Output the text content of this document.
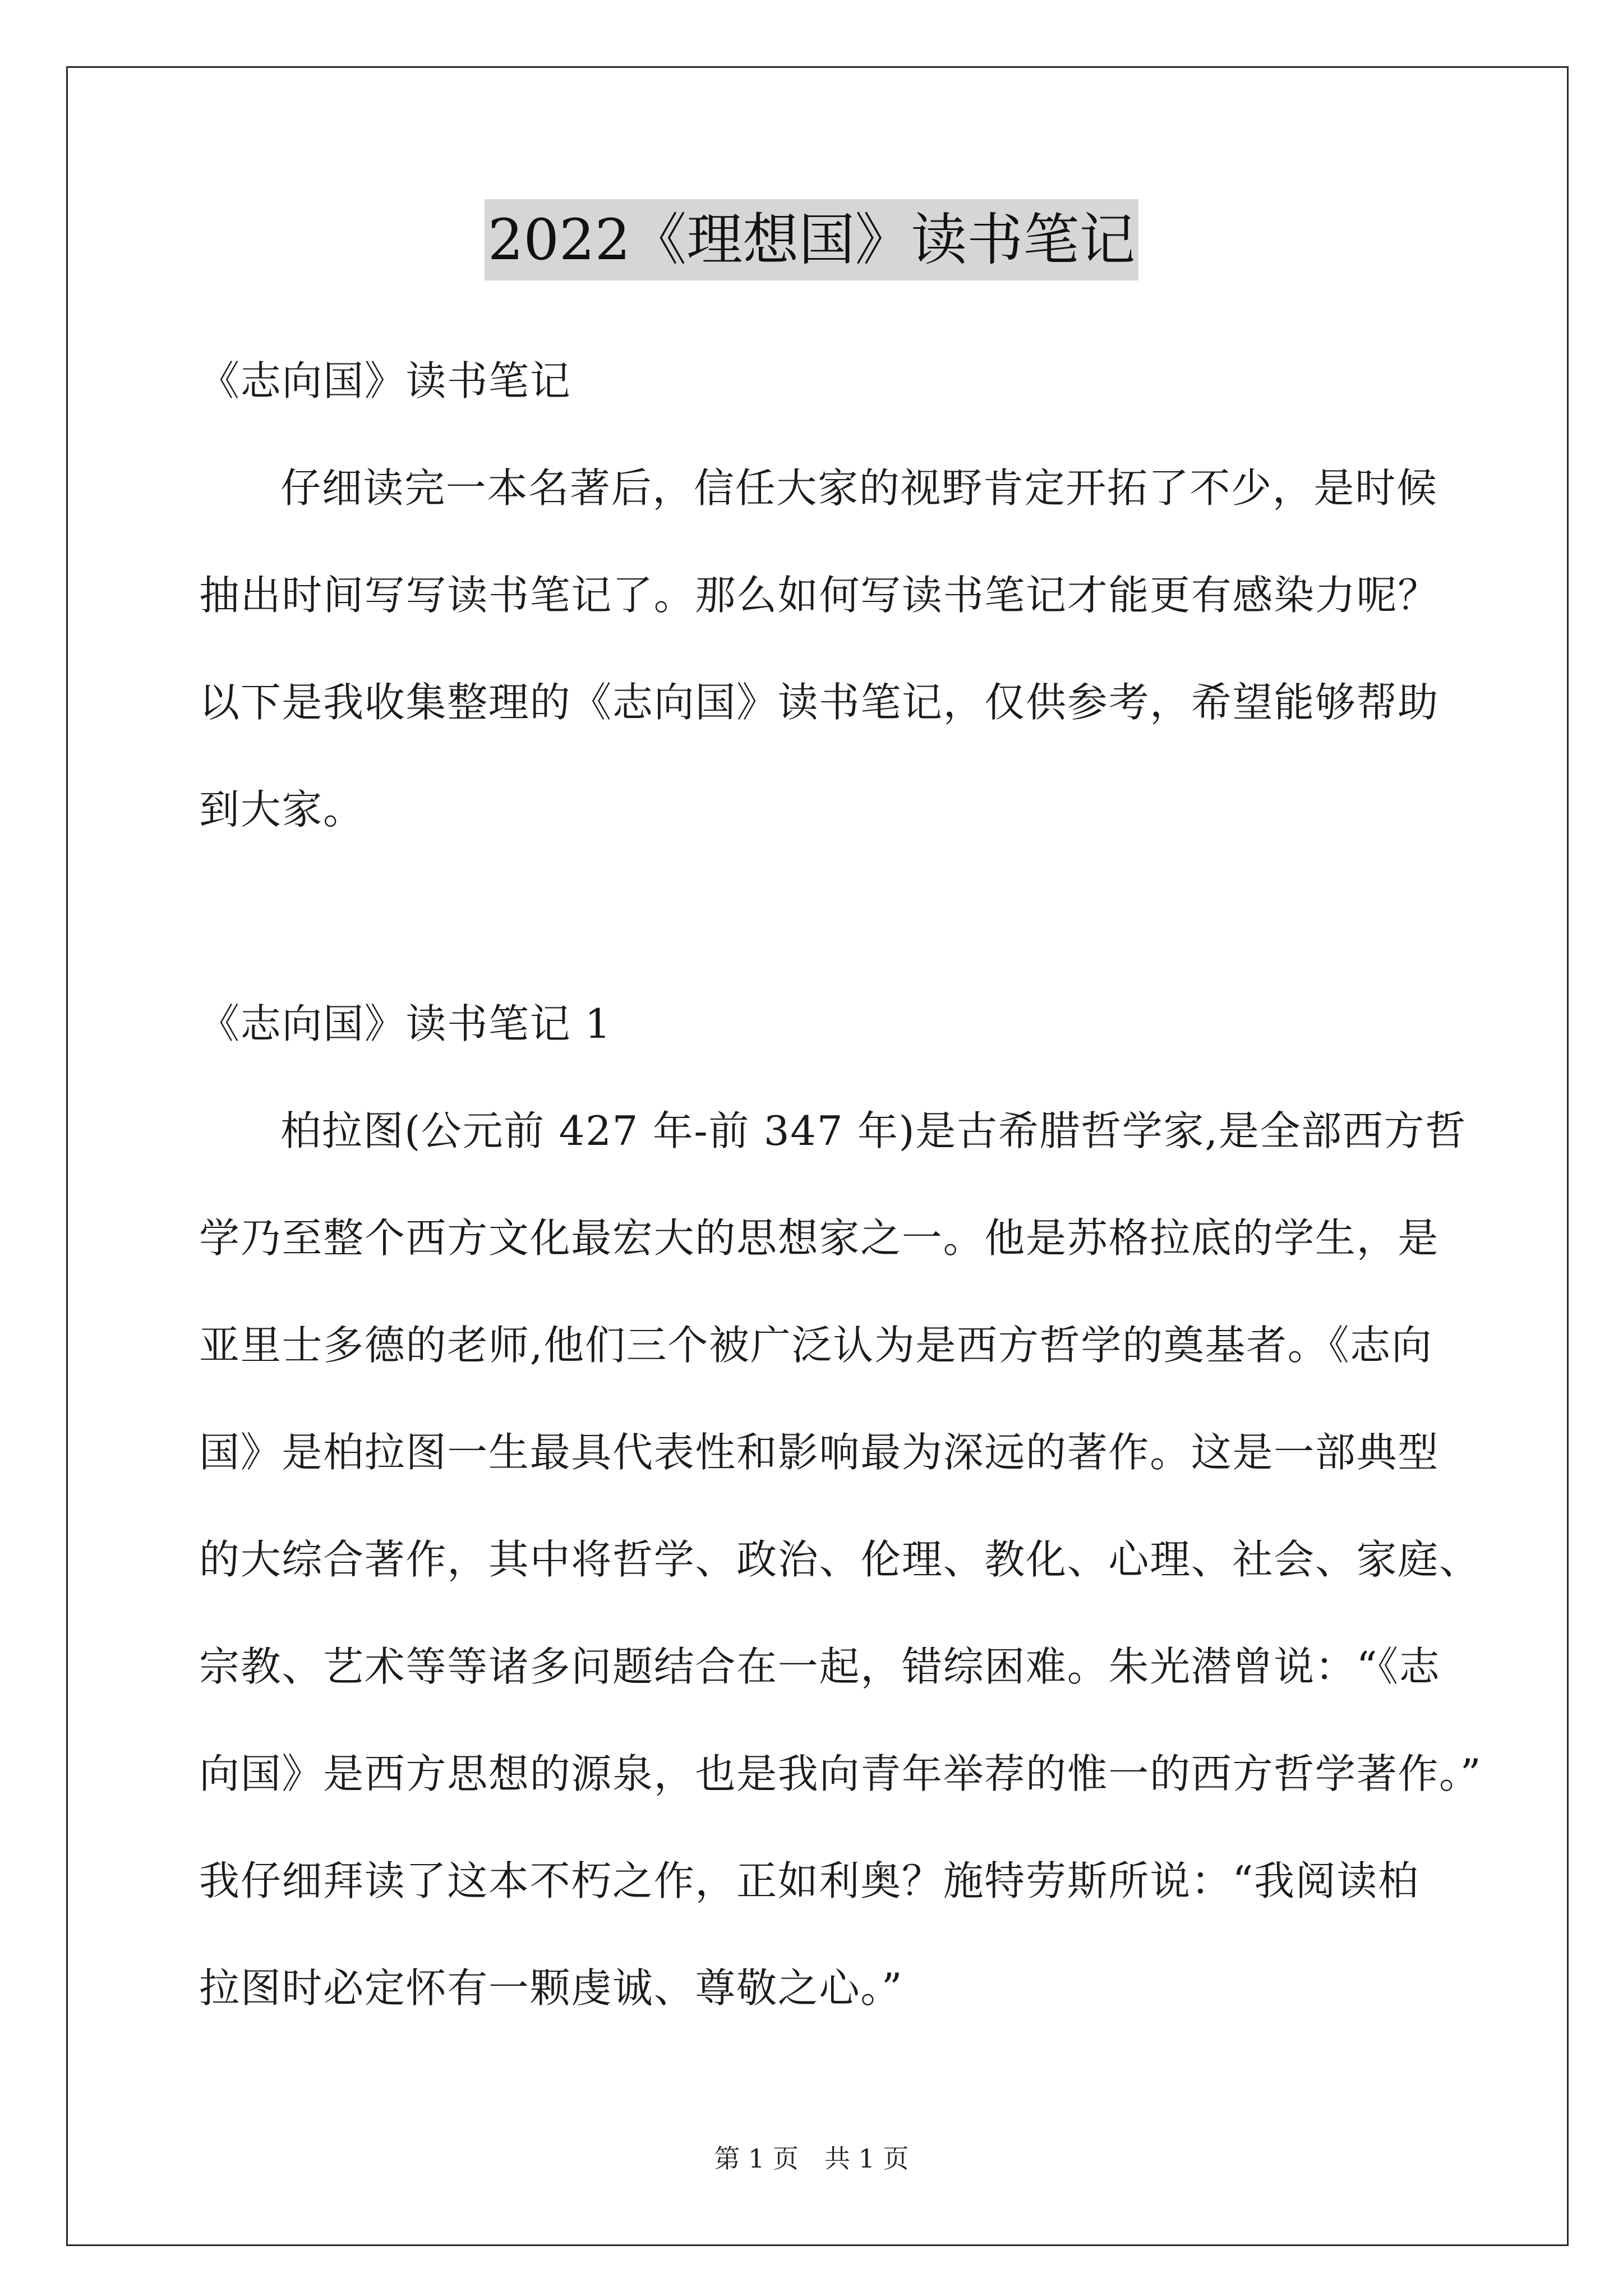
2022《理想国》读书笔记
《志向国》读书笔记
仔细读完一本名著后，信任大家的视野肯定开拓了不少，是时候
抽出时间写写读书笔记了。那么如何写读书笔记才能更有感染力呢？
以下是我收集整理的《志向国》读书笔记，仅供参考，希望能够帮助
到大家。
《志向国》读书笔记 1
柏拉图(公元前 427 年-前 347 年)是古希腊哲学家,是全部西方哲
学乃至整个西方文化最宏大的思想家之一。他是苏格拉底的学生，是
亚里士多德的老师,他们三个被广泛认为是西方哲学的奠基者。《志向
国》是柏拉图一生最具代表性和影响最为深远的著作。这是一部典型
的大综合著作，其中将哲学、政治、伦理、教化、心理、社会、家庭、
宗教、艺术等等诸多问题结合在一起，错综困难。朱光潜曾说：“《志
向国》是西方思想的源泉，也是我向青年举荐的惟一的西方哲学著作。”
我仔细拜读了这本不朽之作，正如利奥？施特劳斯所说：“我阅读柏
拉图时必定怀有一颗虔诚、尊敬之心。”
第 1 页　共 1 页
